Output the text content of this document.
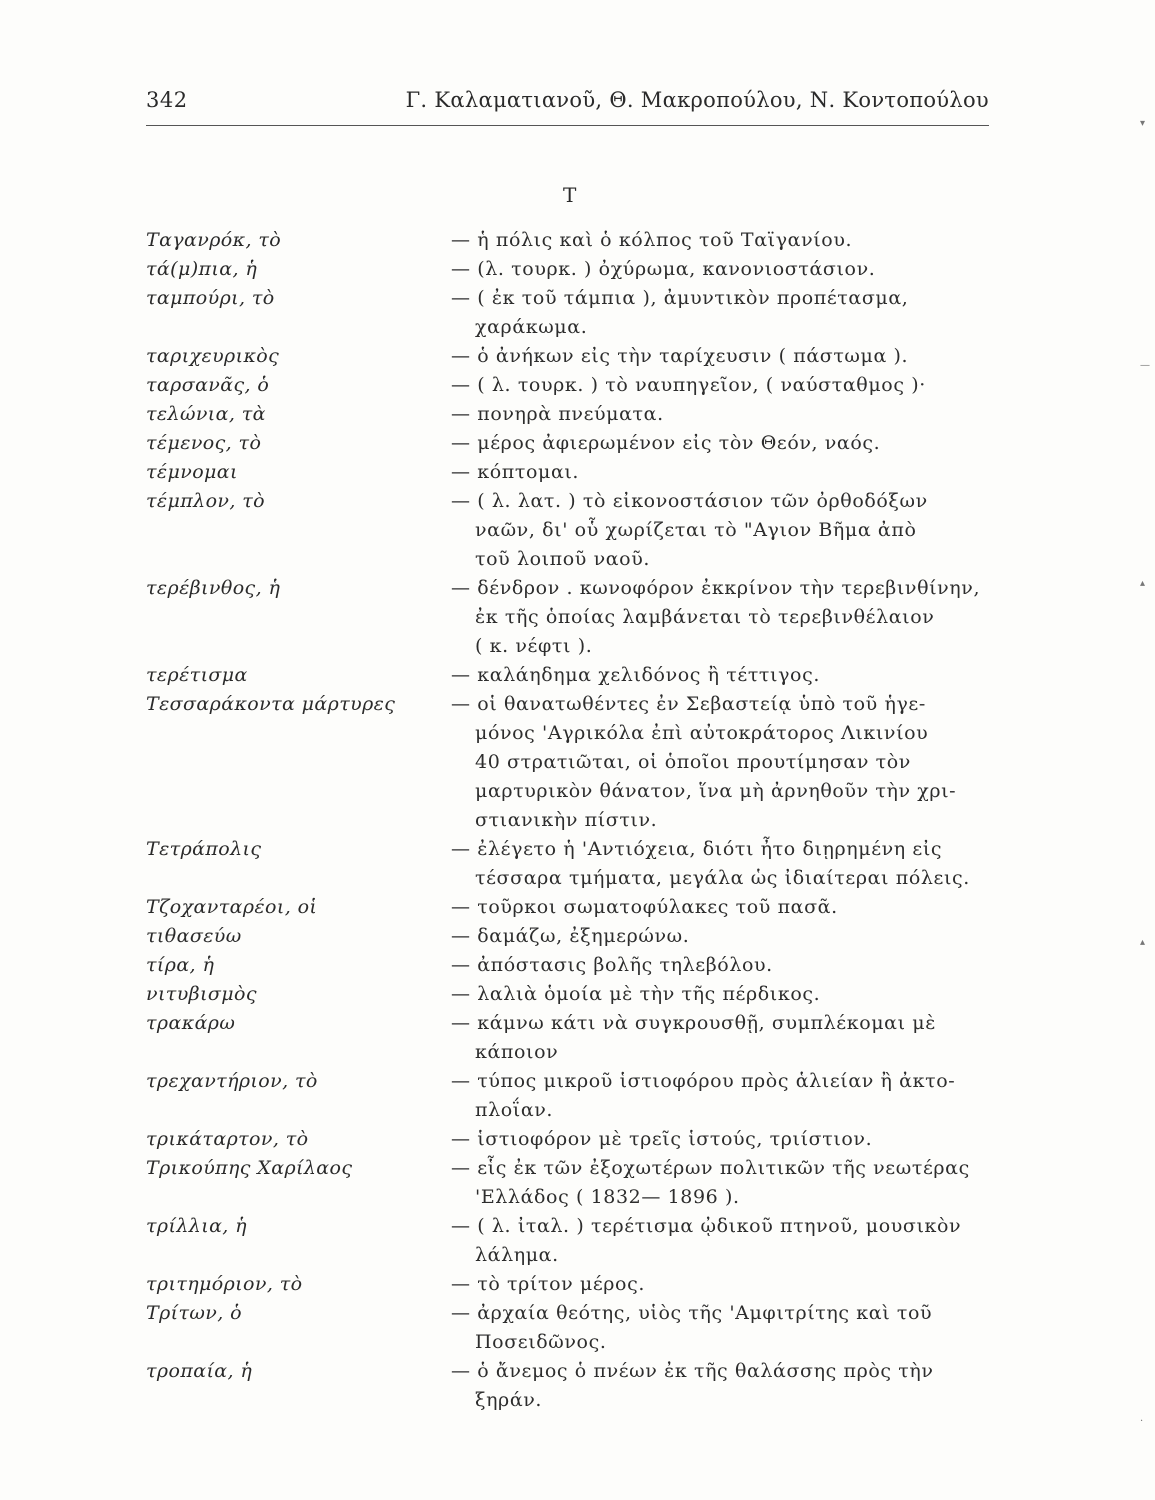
342	Γ. Καλαματιανοῦ, Θ. Μακροπούλου, Ν. Κοντοπούλου
Τ
Ταγανρόκ, τὸ	— ἡ πόλις καὶ ὁ κόλπος τοῦ Ταϊγανίου.
τά(μ)πια, ἡ	— (λ. τουρκ. ) ὀχύρωμα, κανονιοστάσιον.
ταμπούρι, τὸ	— ( ἐκ τοῦ τάμπια ), ἀμυντικὸν προπέτασμα,
χαράκωμα.
ταριχευρικὸς	— ὁ ἀνήκων εἰς τὴν ταρίχευσιν ( πάστωμα ).
ταρσανᾶς, ὁ	— ( λ. τουρκ. ) τὸ ναυπηγεῖον, ( ναύσταθμος )·
τελώνια, τὰ	— πονηρὰ πνεύματα.
τέμενος, τὸ	— μέρος ἀφιερωμένον εἰς τὸν Θεόν, ναός.
τέμνομαι	— κόπτομαι.
τέμπλον, τὸ	— ( λ. λατ. ) τὸ εἰκονοστάσιον τῶν ὀρθοδόξων
ναῶν, δι' οὗ χωρίζεται τὸ "Αγιον Βῆμα ἀπὸ
τοῦ λοιποῦ ναοῦ.
τερέβινθος, ἡ	— δένδρον . κωνοφόρον ἐκκρίνον τὴν τερεβινθίνην,
ἐκ τῆς ὁποίας λαμβάνεται τὸ τερεβινθέλαιον
( κ. νέφτι ).
τερέτισμα	— καλάηδημα χελιδόνος ἢ τέττιγος.
Τεσσαράκοντα μάρτυρες	— οἱ θανατωθέντες ἐν Σεβαστείᾳ ὑπὸ τοῦ ἡγε-
μόνος 'Αγρικόλα ἐπὶ αὐτοκράτορος Λικινίου
40 στρατιῶται, οἱ ὁποῖοι προυτίμησαν τὸν
μαρτυρικὸν θάνατον, ἵνα μὴ ἀρνηθοῦν τὴν χρι-
στιανικὴν πίστιν.
Τετράπολις	— ἐλέγετο ἡ 'Αντιόχεια, διότι ἦτο διῃρημένη εἰς
τέσσαρα τμήματα, μεγάλα ὡς ἰδιαίτεραι πόλεις.
Τζοχανταρέοι, οἱ	— τοῦρκοι σωματοφύλακες τοῦ πασᾶ.
τιθασεύω	— δαμάζω, ἐξημερώνω.
τίρα, ἡ	— ἀπόστασις βολῆς τηλεβόλου.
νιτυβισμὸς	— λαλιὰ ὁμοία μὲ τὴν τῆς πέρδικος.
τρακάρω	— κάμνω κάτι νὰ συγκρουσθῇ, συμπλέκομαι μὲ
κάποιον
τρεχαντήριον, τὸ	— τύπος μικροῦ ἱστιοφόρου πρὸς ἁλιείαν ἢ ἀκτο-
πλοΐαν.
τρικάταρτον, τὸ	— ἱστιοφόρον μὲ τρεῖς ἱστούς, τριίστιον.
Τρικούπης Χαρίλαος	— εἷς ἐκ τῶν ἐξοχωτέρων πολιτικῶν τῆς νεωτέρας
'Ελλάδος ( 1832— 1896 ).
τρίλλια, ἡ	— ( λ. ἰταλ. ) τερέτισμα ᾠδικοῦ πτηνοῦ, μουσικὸν
λάλημα.
τριτημόριον, τὸ	— τὸ τρίτον μέρος.
Τρίτων, ὁ	— ἀρχαία θεότης, υἱὸς τῆς 'Αμφιτρίτης καὶ τοῦ
Ποσειδῶνος.
τροπαία, ἡ	— ὁ ἄνεμος ὁ πνέων ἐκ τῆς θαλάσσης πρὸς τὴν
ξηράν.
▾
—
▴
▴
·
